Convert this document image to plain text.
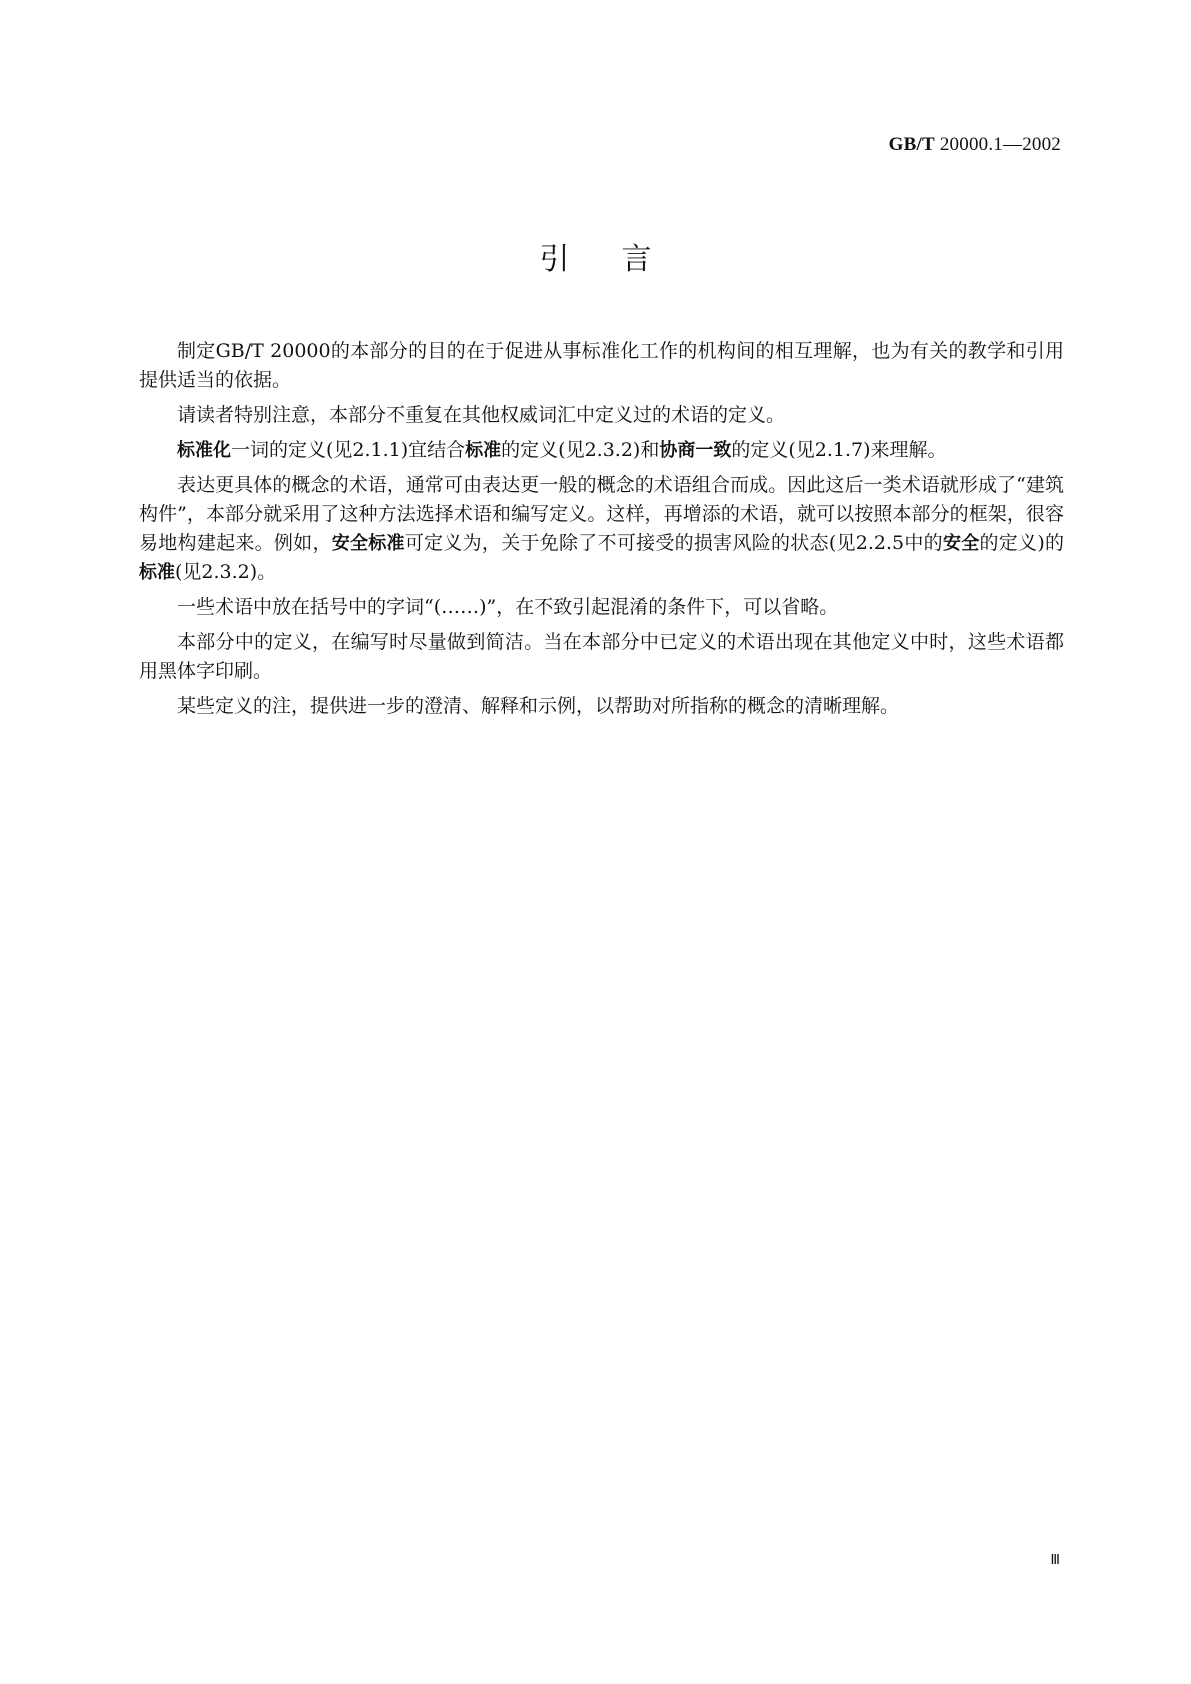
GB/T 20000.1—2002
引言

制定GB/T 20000的本部分的目的在于促进从事标准化工作的机构间的相互理解，也为有关的教学和引用提供适当的依据。

请读者特别注意，本部分不重复在其他权威词汇中定义过的术语的定义。

标准化一词的定义(见2.1.1)宜结合标准的定义(见2.3.2)和协商一致的定义(见2.1.7)来理解。

表达更具体的概念的术语，通常可由表达更一般的概念的术语组合而成。因此这后一类术语就形成了“建筑构件”，本部分就采用了这种方法选择术语和编写定义。这样，再增添的术语，就可以按照本部分的框架，很容易地构建起来。例如，安全标准可定义为，关于免除了不可接受的损害风险的状态(见2.2.5中的安全的定义)的标准(见2.3.2)。

一些术语中放在括号中的字词“(……)”，在不致引起混淆的条件下，可以省略。

本部分中的定义，在编写时尽量做到简洁。当在本部分中已定义的术语出现在其他定义中时，这些术语都用黑体字印刷。

某些定义的注，提供进一步的澄清、解释和示例，以帮助对所指称的概念的清晰理解。

Ⅲ
